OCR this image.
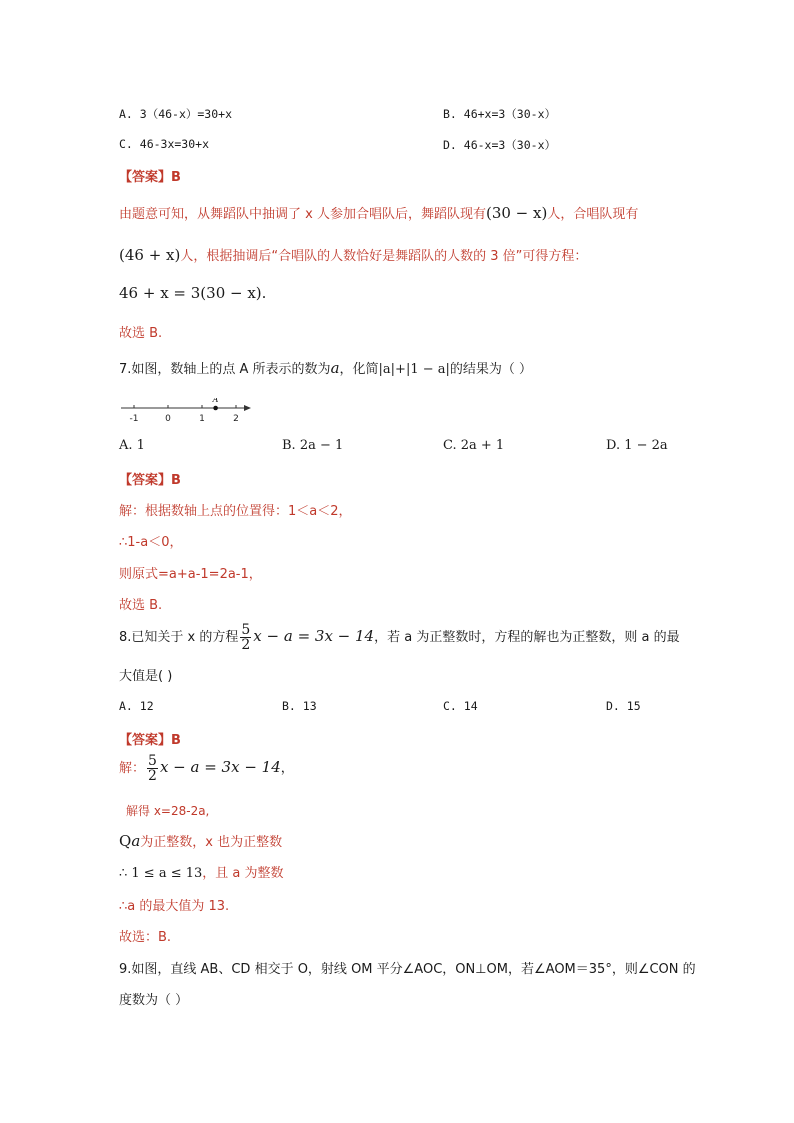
A. 3（46-x）=30+x	B. 46+x=3（30-x）
C. 46-3x=30+x	D. 46-x=3（30-x）
【答案】B
由题意可知，从舞蹈队中抽调了 x 人参加合唱队后，舞蹈队现有(30 − x)人，合唱队现有
(46 + x)人，根据抽调后“合唱队的人数恰好是舞蹈队的人数的 3 倍”可得方程：
46 + x = 3(30 − x).
故选 B.
7.如图，数轴上的点 A 所表示的数为a，化简|a|+|1 − a|的结果为（ ）
-1	0	1	2
A
A. 1	B. 2a − 1	C. 2a + 1	D. 1 − 2a
【答案】B
解：根据数轴上点的位置得：1＜a＜2，
∴1-a＜0，
则原式=a+a-1=2a-1，
故选 B.
8.已知关于 x 的方程 $\frac{5}{2}$ x − a = 3x − 14，若 a 为正整数时，方程的解也为正整数，则 a 的最
大值是( )
A. 12	B. 13	C. 14	D. 15
【答案】B
解： $\frac{5}{2}$ x − a = 3x − 14，
解得 x=28-2a,
Qa为正整数，x 也为正整数
∴ 1 ≤ a ≤ 13，且 a 为整数
∴a 的最大值为 13.
故选：B.
9.如图，直线 AB、CD 相交于 O，射线 OM 平分∠AOC，ON⊥OM，若∠AOM＝35°，则∠CON 的
度数为（ ）
